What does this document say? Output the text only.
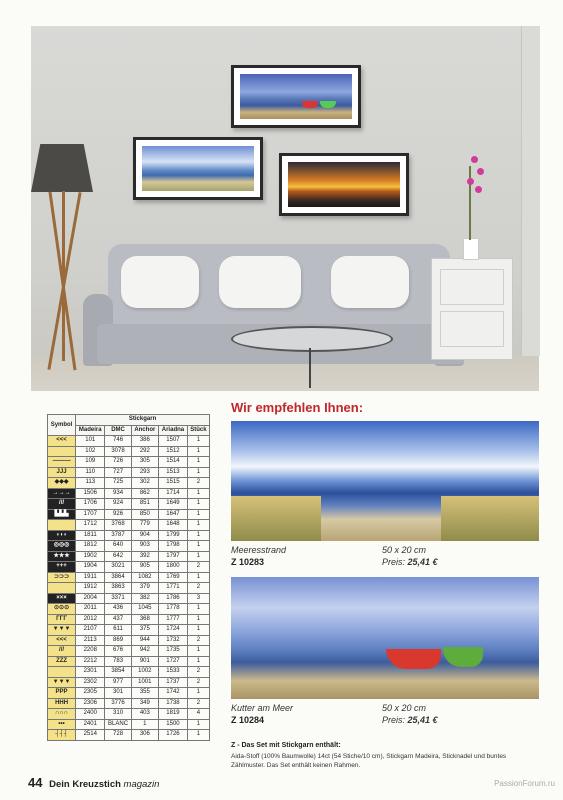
Symbol	Stickgarn				
	Madeira	DMC	Anchor	Ariadna	Stück
<<<	101	746	386	1507	1
	102	3078	292	1512	1
———	109	726	305	1514	1
JJJ	110	727	293	1513	1
◆◆◆	113	725	302	1515	2
→→→	1506	934	862	1714	1
///	1706	924	851	1649	1
▙▙▙	1707	926	850	1647	1
	1712	3768	779	1648	1
◗◗◗	1811	3787	904	1799	1
◎◎◎	1812	640	903	1798	1
★★★	1902	642	392	1797	1
+++	1904	3021	905	1800	2
⊃⊃⊃	1911	3864	1082	1769	1
	1912	3863	379	1771	2
×××	2004	3371	382	1786	3
⊙⊙⊙	2011	436	1045	1778	1
ΓΓΓ	2012	437	368	1777	1
▼▼▼	2107	611	375	1724	1
<<<	2113	869	944	1732	2
///	2208	676	942	1735	1
ZZZ	2212	783	901	1727	1
	2301	3854	1002	1533	2
▼▼▼	2302	977	1001	1737	2
PPP	2305	301	355	1742	1
HHH	2306	3776	349	1738	2
∩∩∩	2400	310	403	1819	4
•••	2401	BLANC	1	1500	1
┤┤┤	2514	728	306	1726	1
Wir empfehlen Ihnen:
Meeresstrand
Z 10283
50 x 20 cm
Preis: 25,41 €
Kutter am Meer
Z 10284
50 x 20 cm
Preis: 25,41 €
Z - Das Set mit Stickgarn enthält:
Aida-Stoff (100% Baumwolle) 14ct (54 Stiche/10 cm), Stickgarn Madeira, Sticknadel und buntes Zählmuster. Das Set enthält keinen Rahmen.
44 Dein Kreuzstich magazin	PassionForum.ru
